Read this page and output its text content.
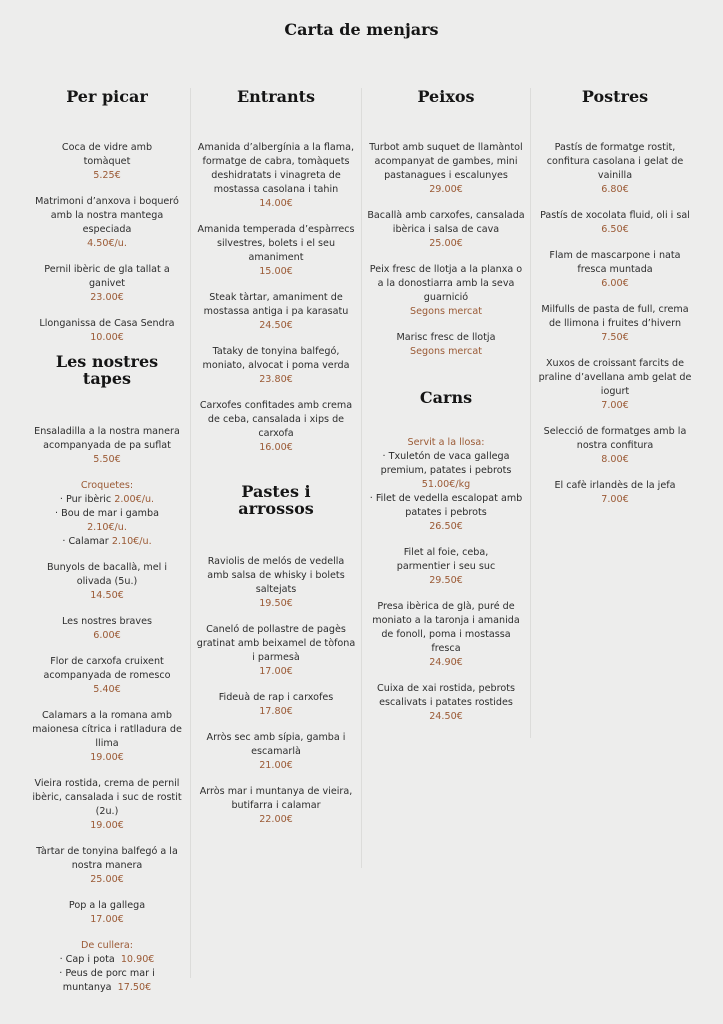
Carta de menjars
Per picar
Coca de vidre amb tomàquet
5.25€
Matrimoni d’anxova i boqueró amb la nostra mantega especiada
4.50€/u.
Pernil ibèric de gla tallat a ganivet
23.00€
Llonganissa de Casa Sendra
10.00€
Les nostres tapes
Ensaladilla a la nostra manera acompanyada de pa suflat
5.50€
Croquetes:
· Pur ibèric 2.00€/u.
· Bou de mar i gamba
2.10€/u.
· Calamar 2.10€/u.
Bunyols de bacallà, mel i olivada (5u.)
14.50€
Les nostres braves
6.00€
Flor de carxofa cruixent acompanyada de romesco
5.40€
Calamars a la romana amb maionesa cítrica i ratlladura de llima
19.00€
Vieira rostida, crema de pernil ibèric, cansalada i suc de rostit (2u.)
19.00€
Tàrtar de tonyina balfegó a la nostra manera
25.00€
Pop a la gallega
17.00€
De cullera:
· Cap i pota 10.90€
· Peus de porc mar i muntanya 17.50€
Entrants
Amanida d’albergínia a la flama, formatge de cabra, tomàquets deshidratats i vinagreta de mostassa casolana i tahin
14.00€
Amanida temperada d’espàrrecs silvestres, bolets i el seu amaniment
15.00€
Steak tàrtar, amaniment de mostassa antiga i pa karasatu
24.50€
Tataky de tonyina balfegó, moniato, alvocat i poma verda
23.80€
Carxofes confitades amb crema de ceba, cansalada i xips de carxofa
16.00€
Pastes i arrossos
Raviolis de melós de vedella amb salsa de whisky i bolets saltejats
19.50€
Caneló de pollastre de pagès gratinat amb beixamel de tòfona i parmesà
17.00€
Fideuà de rap i carxofes
17.80€
Arròs sec amb sípia, gamba i escamarlà
21.00€
Arròs mar i muntanya de vieira, butifarra i calamar
22.00€
Peixos
Turbot amb suquet de llamàntol acompanyat de gambes, mini pastanagues i escalunyes
29.00€
Bacallà amb carxofes, cansalada ibèrica i salsa de cava
25.00€
Peix fresc de llotja a la planxa o a la donostiarra amb la seva guarnició
Segons mercat
Marisc fresc de llotja
Segons mercat
Carns
Servit a la llosa:
· Txuletón de vaca gallega premium, patates i pebrots
51.00€/kg
· Filet de vedella escalopat amb patates i pebrots
26.50€
Filet al foie, ceba, parmentier i seu suc
29.50€
Presa ibèrica de glà, puré de moniato a la taronja i amanida de fonoll, poma i mostassa fresca
24.90€
Cuixa de xai rostida, pebrots escalivats i patates rostides
24.50€
Postres
Pastís de formatge rostit, confitura casolana i gelat de vainilla
6.80€
Pastís de xocolata fluid, oli i sal
6.50€
Flam de mascarpone i nata fresca muntada
6.00€
Milfulls de pasta de full, crema de llimona i fruites d’hivern
7.50€
Xuxos de croissant farcits de praline d’avellana amb gelat de iogurt
7.00€
Selecció de formatges amb la nostra confitura
8.00€
El cafè irlandès de la jefa
7.00€
